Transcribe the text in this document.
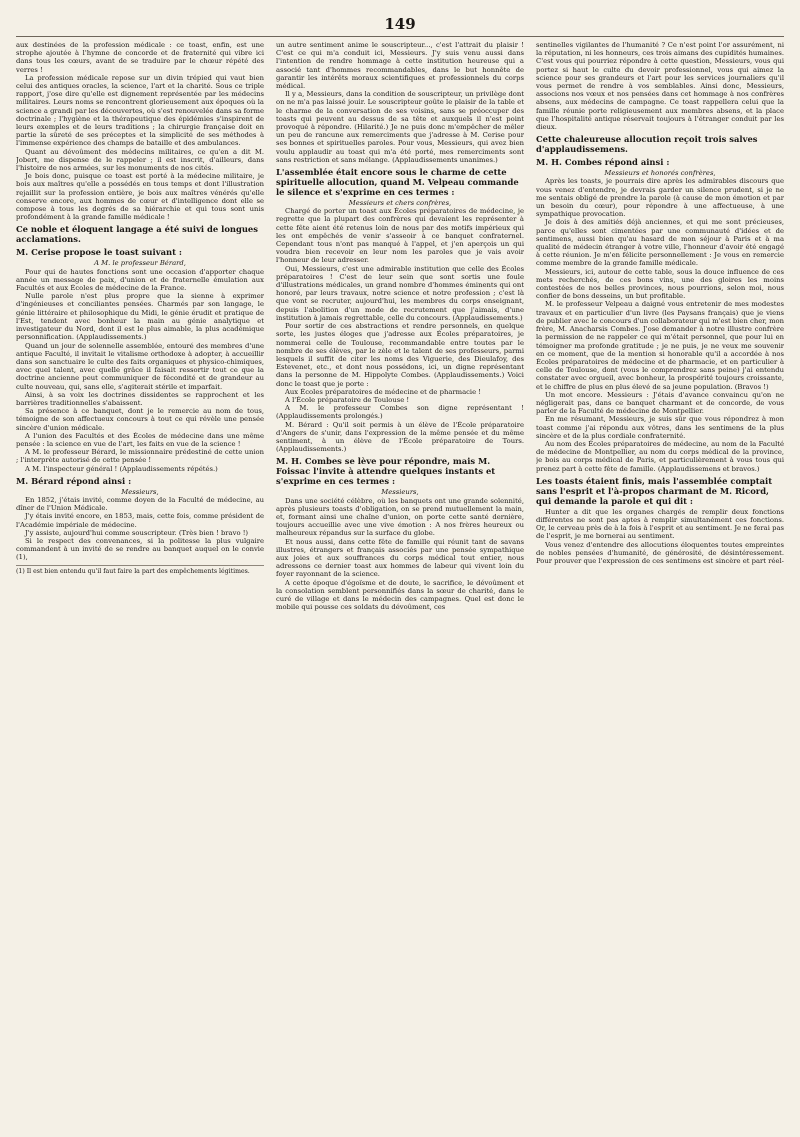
149

aux destinées de la profession médicale : ce toast, enfin, est une strophe ajoutée à l'hymne de concorde et de fraternité qui vibre ici dans tous les cœurs, avant de se traduire par le chœur répété des verres !

La profession médicale repose sur un divin trépied qui vaut bien celui des antiques oracles, la science, l'art et la charité. Sous ce triple rapport, j'ose dire qu'elle est dignement représentée par les médecins militaires. Leurs noms se rencontrent glorieusement aux époques où la science a grandi par les découvertes, où s'est renouvelée dans sa forme doctrinale ; l'hygiène et la thérapeutique des épidémies s'inspirent de leurs exemples et de leurs traditions ; la chirurgie française doit en partie la sûreté de ses préceptes et la simplicité de ses méthodes à l'immense expérience des champs de bataille et des ambulances.

Quant au dévoûment des médecins militaires, ce qu'en a dit M. Jobert, me dispense de le rappeler ; il est inscrit, d'ailleurs, dans l'histoire de nos armées, sur les monuments de nos cités.

Je bois donc, puisque ce toast est porté à la médecine militaire, je bois aux maîtres qu'elle a possédés en tous temps et dont l'illustration rejaillit sur la profession entière, je bois aux maîtres vénérés qu'elle conserve encore, aux hommes de cœur et d'intelligence dont elle se compose à tous les degrés de sa hiérarchie et qui tous sont unis profondément à la grande famille médicale !

Ce noble et éloquent langage a été suivi de longues acclamations.
M. Cerise propose le toast suivant :

A M. le professeur Bérard,

Pour qui de hautes fonctions sont une occasion d'apporter chaque année un message de paix, d'union et de fraternelle émulation aux Facultés et aux Écoles de médecine de la France.

Nulle parole n'est plus propre que la sienne à exprimer d'ingénieuses et conciliantes pensées. Charmés par son langage, le génie littéraire et philosophique du Midi, le génie érudit et pratique de l'Est, tendent avec bonheur la main au génie analytique et investigateur du Nord, dont il est le plus aimable, la plus académique personnification. (Applaudissements.)

Quand un jour de solennelle assemblée, entouré des membres d'une antique Faculté, il invitait le vitalisme orthodoxe à adopter, à accueillir dans son sanctuaire le culte des faits organiques et physico-chimiques, avec quel talent, avec quelle grâce il faisait ressortir tout ce que la doctrine ancienne peut communiquer de fécondité et de grandeur au culte nouveau, qui, sans elle, s'agiterait stérile et imparfait.

Ainsi, à sa voix les doctrines dissidentes se rapprochent et les barrières traditionnelles s'abaissent.

Sa présence à ce banquet, dont je le remercie au nom de tous, témoigne de son affectueux concours à tout ce qui révèle une pensée sincère d'union médicale.

A l'union des Facultés et des Écoles de médecine dans une même pensée : la science en vue de l'art, les faits en vue de la science !

A M. le professeur Bérard, le missionnaire prédestiné de cette union ; l'interprète autorisé de cette pensée !

A M. l'inspecteur général ! (Applaudissements répétés.)

M. Bérard répond ainsi :

Messieurs,

En 1852, j'étais invité, comme doyen de la Faculté de médecine, au dîner de l'Union Médicale.

J'y étais invité encore, en 1853, mais, cette fois, comme président de l'Académie impériale de médecine.

J'y assiste, aujourd'hui comme souscripteur. (Très bien ! bravo !)

Si le respect des convenances, si la politesse la plus vulgaire commandent à un invité de se rendre au banquet auquel on le convie (1),

(1) Il est bien entendu qu'il faut faire la part des empêchements légitimes.

un autre sentiment anime le souscripteur..., c'est l'attrait du plaisir ! C'est ce qui m'a conduit ici, Messieurs. J'y suis venu aussi dans l'intention de rendre hommage à cette institution heureuse qui a associé tant d'hommes recommandables, dans le but honnête de garantir les intérêts moraux scientifiques et professionnels du corps médical.

Il y a, Messieurs, dans la condition de souscripteur, un privilège dont on ne m'a pas laissé jouir. Le souscripteur goûte le plaisir de la table et le charme de la conversation de ses voisins, sans se préoccuper des toasts qui peuvent au dessus de sa tête et auxquels il n'est point provoqué à répondre. (Hilarité.) Je ne puis donc m'empêcher de mêler un peu de rancune aux remerciments que j'adresse à M. Cerise pour ses bonnes et spirituelles paroles. Pour vous, Messieurs, qui avez bien voulu applaudir au toast qui m'a été porté, mes remerciments sont sans restriction et sans mélange. (Applaudissements unanimes.)

L'assemblée était encore sous le charme de cette spirituelle allocution, quand M. Velpeau commande le silence et s'exprime en ces termes :

Messieurs et chers confrères,

Chargé de porter un toast aux Écoles préparatoires de médecine, je regrette que la plupart des confrères qui devaient les représenter à cette fête aient été retenus loin de nous par des motifs impérieux qui les ont empêchés de venir s'asseoir à ce banquet confraternel. Cependant tous n'ont pas manqué à l'appel, et j'en aperçois un qui voudra bien recevoir en leur nom les paroles que je vais avoir l'honneur de leur adresser.

Oui, Messieurs, c'est une admirable institution que celle des Écoles préparatoires ! C'est de leur sein que sont sortis une foule d'illustrations médicales, un grand nombre d'hommes éminents qui ont honoré, par leurs travaux, notre science et notre profession ; c'est là que vont se recruter, aujourd'hui, les membres du corps enseignant, depuis l'abolition d'un mode de recrutement que j'aimais, d'une institution à jamais regrettable, celle du concours. (Applaudissements.)

Pour sortir de ces abstractions et rendre personnels, en quelque sorte, les justes éloges que j'adresse aux Écoles préparatoires, je nommerai celle de Toulouse, recommandable entre toutes par le nombre de ses élèves, par le zèle et le talent de ses professeurs, parmi lesquels il suffit de citer les noms des Viguerie, des Dieulafoy, des Estevenet, etc., et dont nous possédons, ici, un digne représentant dans la personne de M. Hippolyte Combes. (Applaudissements.) Voici donc le toast que je porte :

Aux Écoles préparatoires de médecine et de pharmacie !

A l'École préparatoire de Toulouse !

A M. le professeur Combes son digne représentant ! (Applaudissements prolongés.)

M. Bérard : Qu'il soit permis à un élève de l'École préparatoire d'Angers de s'unir, dans l'expression de la même pensée et du même sentiment, à un élève de l'École préparatoire de Tours. (Applaudissements.)

M. H. Combes se lève pour répondre, mais M. Foissac l'invite à attendre quelques instants et s'exprime en ces termes :

Messieurs,

Dans une société célèbre, où les banquets ont une grande solennité, après plusieurs toasts d'obligation, on se prend mutuellement la main, et, formant ainsi une chaîne d'union, on porte cette santé dernière, toujours accueillie avec une vive émotion : A nos frères heureux ou malheureux répandus sur la surface du globe.

Et nous aussi, dans cette fête de famille qui réunit tant de savans illustres, étrangers et français associés par une pensée sympathique aux joies et aux souffrances du corps médical tout entier, nous adressons ce dernier toast aux hommes de labeur qui vivent loin du foyer rayonnant de la science.

A cette époque d'égoïsme et de doute, le sacrifice, le dévoûment et la consolation semblent personnifiés dans la sœur de charité, dans le curé de village et dans le médecin des campagnes. Quel est donc le mobile qui pousse ces soldats du dévoûment, ces

sentinelles vigilantes de l'humanité ? Ce n'est point l'or assurément, ni la réputation, ni les honneurs, ces trois aimans des cupidités humaines. C'est vous qui pourriez répondre à cette question, Messieurs, vous qui portez si haut le culte du devoir professionnel, vous qui aimez la science pour ses grandeurs et l'art pour les services journaliers qu'il vous permet de rendre à vos semblables. Ainsi donc, Messieurs, associons nos vœux et nos pensées dans cet hommage à nos confrères absens, aux médecins de campagne. Ce toast rappellera celui que la famille réunie porte religieusement aux membres absens, et la place que l'hospitalité antique réservait toujours à l'étranger conduit par les dieux.

Cette chaleureuse allocution reçoit trois salves d'applaudissemens.
M. H. Combes répond ainsi :

Messieurs et honorés confrères,

Après les toasts, je pourrais dire après les admirables discours que vous venez d'entendre, je devrais garder un silence prudent, si je ne me sentais obligé de prendre la parole (à cause de mon émotion et par un besoin du cœur), pour répondre à une affectueuse, à une sympathique provocation.

Je dois à des amitiés déjà anciennes, et qui me sont précieuses, parce qu'elles sont cimentées par une communauté d'idées et de sentimens, aussi bien qu'au hasard de mon séjour à Paris et à ma qualité de médecin étranger à votre ville, l'honneur d'avoir été engagé à cette réunion. Je m'en félicite personnellement : Je vous en remercie comme membre de la grande famille médicale.

Messieurs, ici, autour de cette table, sous la douce influence de ces mets recherchés, de ces bons vins, une des gloires les moins contestées de nos belles provinces, nous pourrions, selon moi, nous confier de bons desseins, un but profitable.

M. le professeur Velpeau a daigné vous entretenir de mes modestes travaux et en particulier d'un livre (les Paysans français) que je viens de publier avec le concours d'un collaborateur qui m'est bien cher, mon frère, M. Anacharsis Combes. J'ose demander à notre illustre confrère la permission de ne rappeler ce qui m'était personnel, que pour lui en témoigner ma profonde gratitude ; je ne puis, je ne veux me souvenir en ce moment, que de la mention si honorable qu'il a accordée à nos Écoles préparatoires de médecine et de pharmacie, et en particulier à celle de Toulouse, dont (vous le comprendrez sans peine) j'ai entendu constater avec orgueil, avec bonheur, la prospérité toujours croissante, et le chiffre de plus en plus élevé de sa jeune population. (Bravos !)

Un mot encore. Messieurs : J'étais d'avance convaincu qu'on ne négligerait pas, dans ce banquet charmant et de concorde, de vous parler de la Faculté de médecine de Montpellier.

En me résumant, Messieurs, je suis sûr que vous répondrez à mon toast comme j'ai répondu aux vôtres, dans les sentimens de la plus sincère et de la plus cordiale confraternité.

Au nom des Écoles préparatoires de médecine, au nom de la Faculté de médecine de Montpellier, au nom du corps médical de la province, je bois au corps médical de Paris, et particulièrement à vous tous qui prenez part à cette fête de famille. (Applaudissemens et bravos.)

Les toasts étaient finis, mais l'assemblée comptait sans l'esprit et l'à-propos charmant de M. Ricord, qui demande la parole et qui dit :

Hunter a dit que les organes chargés de remplir deux fonctions différentes ne sont pas aptes à remplir simultanément ces fonctions. Or, le cerveau près de à la fois à l'esprit et au sentiment. Je ne ferai pas de l'esprit, je me bornerai au sentiment.

Vous venez d'entendre des allocutions éloquentes toutes empreintes de nobles pensées d'humanité, de générosité, de désintéressement. Pour prouver que l'expression de ces sentimens est sincère et part réel-
